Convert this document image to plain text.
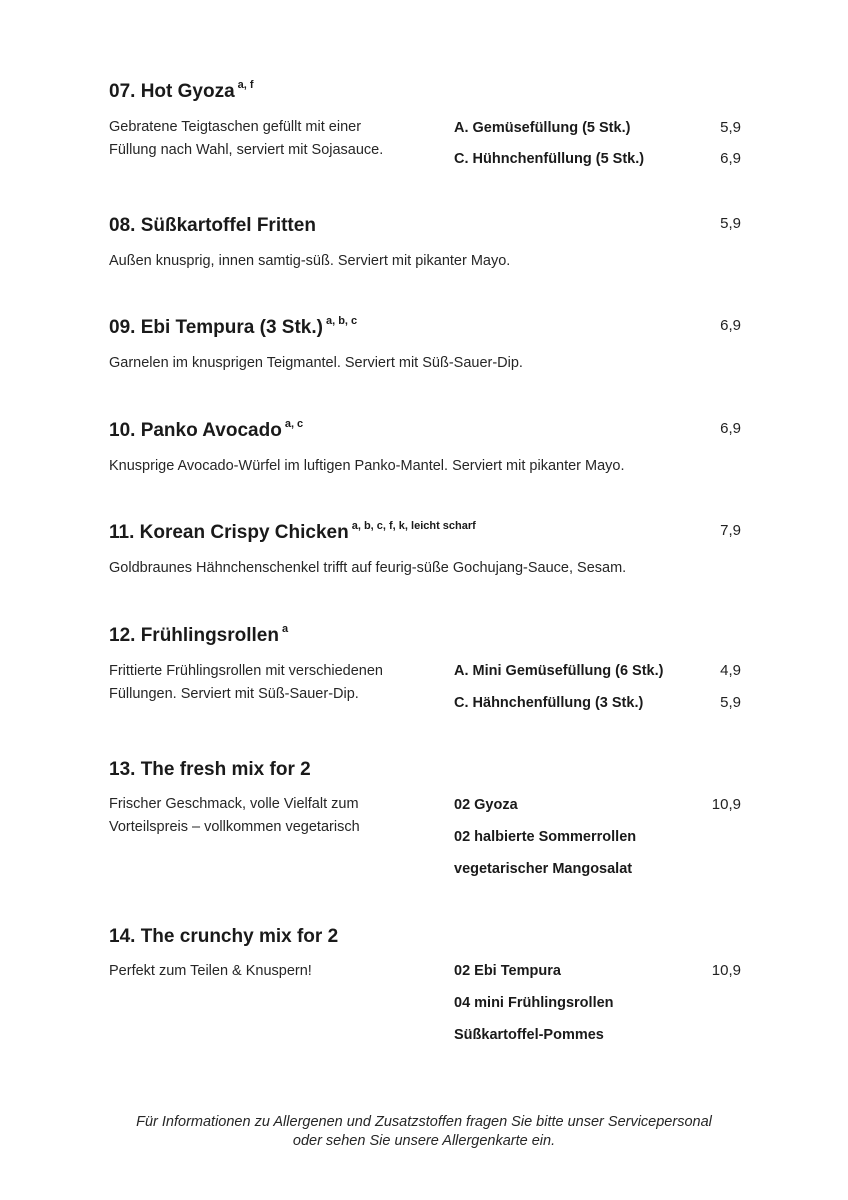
07. Hot Gyoza $^{a, f}$
Gebratene Teigtaschen gefüllt mit einer
Füllung nach Wahl, serviert mit Sojasauce.
A. Gemüsefüllung (5 Stk.)	5,9
C. Hühnchenfüllung (5 Stk.)	6,9
08. Süßkartoffel Fritten	5,9
Außen knusprig, innen samtig-süß. Serviert mit pikanter Mayo.
09. Ebi Tempura (3 Stk.) $^{a, b, c}$	6,9
Garnelen im knusprigen Teigmantel. Serviert mit Süß-Sauer-Dip.
10. Panko Avocado $^{a, c}$	6,9
Knusprige Avocado-Würfel im luftigen Panko-Mantel. Serviert mit pikanter Mayo.
11. Korean Crispy Chicken $^{a, b, c, f, k, leicht scharf}$	7,9
Goldbraunes Hähnchenschenkel trifft auf feurig-süße Gochujang-Sauce, Sesam.
12. Frühlingsrollen $^a$
Frittierte Frühlingsrollen mit verschiedenen
Füllungen. Serviert mit Süß-Sauer-Dip.
A. Mini Gemüsefüllung (6 Stk.)	4,9
C. Hähnchenfüllung (3 Stk.)	5,9
13. The fresh mix for 2
Frischer Geschmack, volle Vielfalt zum
Vorteilspreis – vollkommen vegetarisch
02 Gyoza	10,9
02 halbierte Sommerrollen
vegetarischer Mangosalat
14. The crunchy mix for 2
Perfekt zum Teilen & Knuspern!	02 Ebi Tempura	10,9
04 mini Frühlingsrollen
Süßkartoffel-Pommes
Für Informationen zu Allergenen und Zusatzstoffen fragen Sie bitte unser Servicepersonal
oder sehen Sie unsere Allergenkarte ein.
